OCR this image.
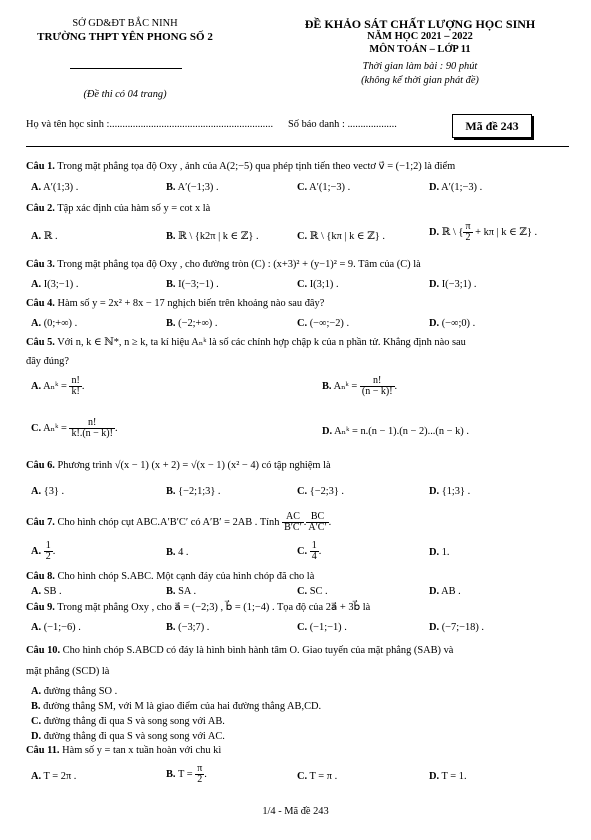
SỞ GD&ĐT BẮC NINH
TRƯỜNG THPT YÊN PHONG SỐ 2
(Đề thi có 04 trang)
ĐỀ KHẢO SÁT CHẤT LƯỢNG HỌC SINH
NĂM HỌC 2021 – 2022
MÔN TOÁN – LỚP 11
Thời gian làm bài : 90 phút
(không kể thời gian phát đề)
Họ và tên học sinh :............................................................... Số báo danh : ...................	Mã đề 243
Câu 1. Trong mặt phẳng tọa độ Oxy , ảnh của A(2;−5) qua phép tịnh tiến theo vectơ v⃗ = (−1;2) là điểm
A. A′(1;3) .	B. A′(−1;3) .	C. A′(1;−3) .	D. A′(1;−3) .
Câu 2. Tập xác định của hàm số y = cot x là
A. ℝ .	B. ℝ \ {k2π | k ∈ ℤ} .	C. ℝ \ {kπ | k ∈ ℤ} .	D. ℝ \ { $\frac{\pi}{2} + k\pi$ | k ∈ ℤ} .
Câu 3. Trong mặt phẳng tọa độ Oxy , cho đường tròn (C) : (x+3)² + (y−1)² = 9. Tâm của (C) là
A. I(3;−1) .	B. I(−3;−1) .	C. I(3;1) .	D. I(−3;1) .
Câu 4. Hàm số y = 2x² + 8x − 17 nghịch biến trên khoảng nào sau đây?
A. (0;+∞) .	B. (−2;+∞) .	C. (−∞;−2) .	D. (−∞;0) .
Câu 5. Với n, k ∈ ℕ*, n ≥ k, ta kí hiệu Aₙᵏ là số các chỉnh hợp chập k của n phần tử. Khẳng định nào sau
đây đúng?
A. Aₙᵏ = $\frac{n!}{k!}$ .	B. Aₙᵏ = $\frac{n!}{(n - k)!}$ .
C. Aₙᵏ = $\frac{n!}{k!.(n - k)!}$ .	D. Aₙᵏ = n.(n − 1).(n − 2)...(n − k) .
Câu 6. Phương trình √(x − 1) (x + 2) = √(x − 1) (x² − 4) có tập nghiệm là
A. {3} .	B. {−2;1;3} .	C. {−2;3} .	D. {1;3} .
Câu 7. Cho hình chóp cụt ABC.A′B′C′ có A′B′ = 2AB . Tính $\frac{AC}{B'C'}$ . $\frac{BC}{A'C'}$ .
A. $\frac{1}{2}$ .	B. 4 .	C. $\frac{1}{4}$ .	D. 1.
Câu 8. Cho hình chóp S.ABC. Một cạnh đáy của hình chóp đã cho là
A. SB .	B. SA .	C. SC .	D. AB .
Câu 9. Trong mặt phẳng Oxy , cho a⃗ = (−2;3) , b⃗ = (1;−4) . Tọa độ của 2a⃗ + 3b⃗ là
A. (−1;−6) .	B. (−3;7) .	C. (−1;−1) .	D. (−7;−18) .
Câu 10. Cho hình chóp S.ABCD có đáy là hình bình hành tâm O. Giao tuyến của mặt phẳng (SAB) và
mặt phẳng (SCD) là
A. đường thẳng SO .
B. đường thẳng SM, với M là giao điểm của hai đường thẳng AB,CD.
C. đường thẳng đi qua S và song song với AB.
D. đường thẳng đi qua S và song song với AC.
Câu 11. Hàm số y = tan x tuần hoàn với chu kì
A. T = 2π .	B. $T = \frac{\pi}{2}$ .	C. T = π .	D. T = 1.
1/4 - Mã đề 243
